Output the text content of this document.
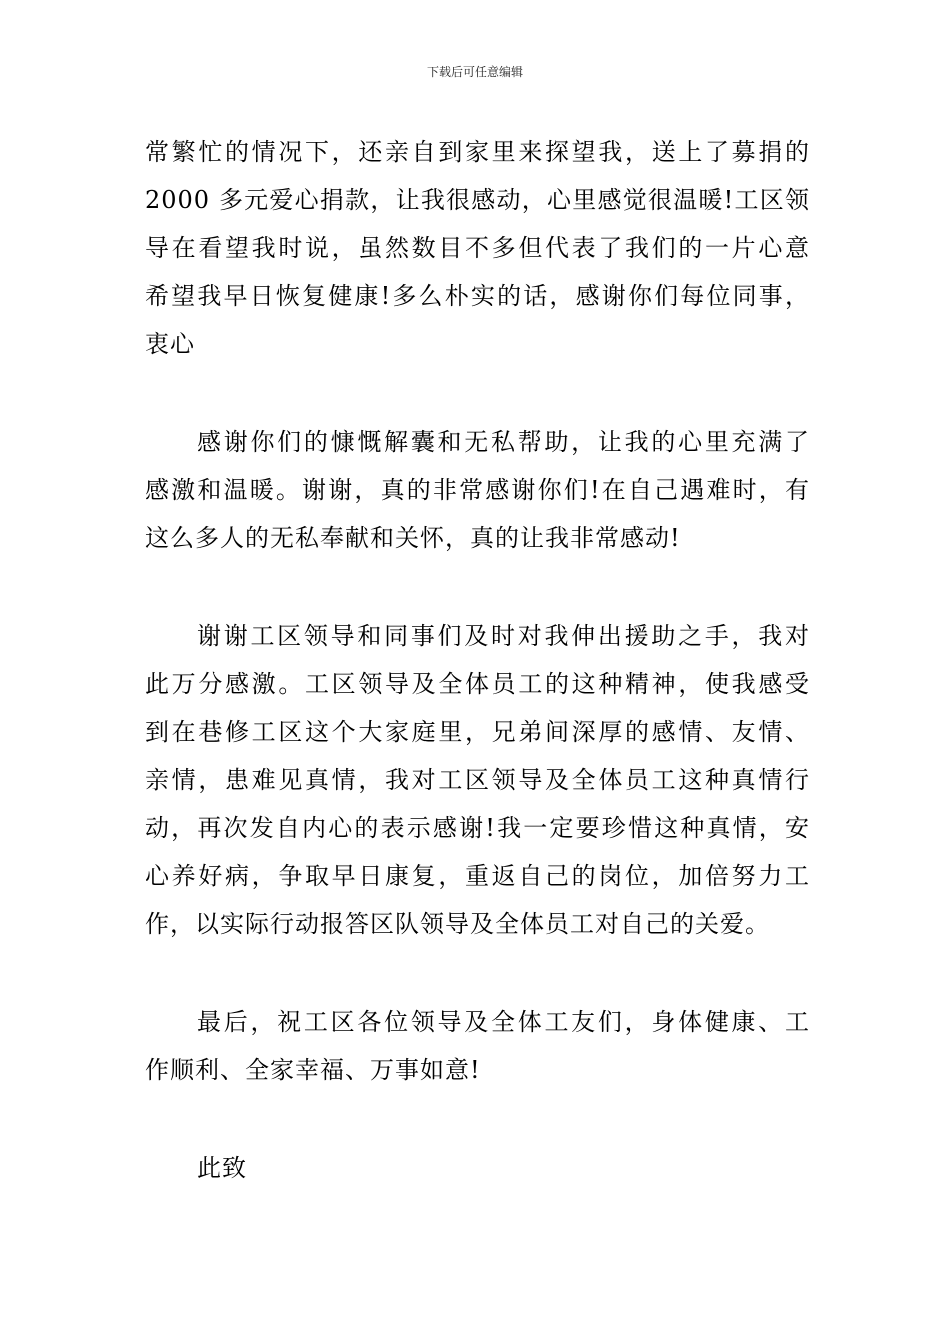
下载后可任意编辑
常繁忙的情况下，还亲自到家里来探望我，送上了募捐的
2000 多元爱心捐款，让我很感动，心里感觉很温暖!工区领
导在看望我时说，虽然数目不多但代表了我们的一片心意
希望我早日恢复健康!多么朴实的话，感谢你们每位同事，
衷心
感谢你们的慷慨解囊和无私帮助，让我的心里充满了
感激和温暖。谢谢，真的非常感谢你们!在自己遇难时，有
这么多人的无私奉献和关怀，真的让我非常感动!
谢谢工区领导和同事们及时对我伸出援助之手，我对
此万分感激。工区领导及全体员工的这种精神，使我感受
到在巷修工区这个大家庭里，兄弟间深厚的感情、友情、
亲情，患难见真情，我对工区领导及全体员工这种真情行
动，再次发自内心的表示感谢!我一定要珍惜这种真情，安
心养好病，争取早日康复，重返自己的岗位，加倍努力工
作，以实际行动报答区队领导及全体员工对自己的关爱。
最后，祝工区各位领导及全体工友们，身体健康、工
作顺利、全家幸福、万事如意!
此致
